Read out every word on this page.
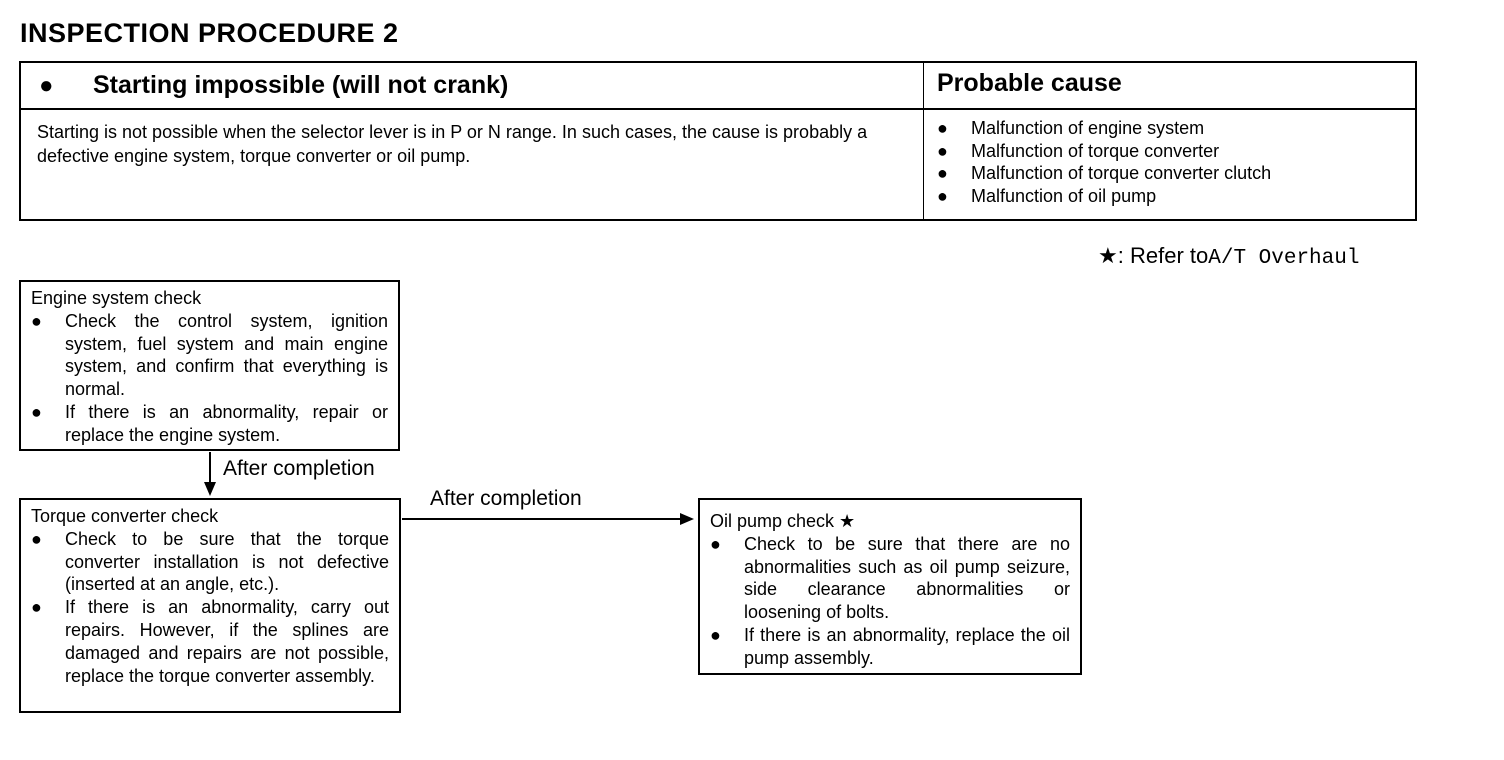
INSPECTION PROCEDURE 2
●	Starting impossible (will not crank)	Probable cause
Starting is not possible when the selector lever is in P or N range. In such cases, the cause is probably a defective engine system, torque converter or oil pump.
●	Malfunction of engine system
●	Malfunction of torque converter
●	Malfunction of torque converter clutch
●	Malfunction of oil pump
★: Refer toA/T Overhaul
After completion
After completion
Engine system check
●	Check the control system, ignition system, fuel system and main engine system, and confirm that everything is normal.
●	If there is an abnormality, repair or replace the engine system.
Torque converter check
●	Check to be sure that the torque converter installation is not defective (inserted at an angle, etc.).
●	If there is an abnormality, carry out repairs. However, if the splines are damaged and repairs are not possible, replace the torque converter assembly.
Oil pump check ★
●	Check to be sure that there are no abnormalities such as oil pump seizure, side clearance abnormalities or loosening of bolts.
●	If there is an abnormality, replace the oil pump assembly.
